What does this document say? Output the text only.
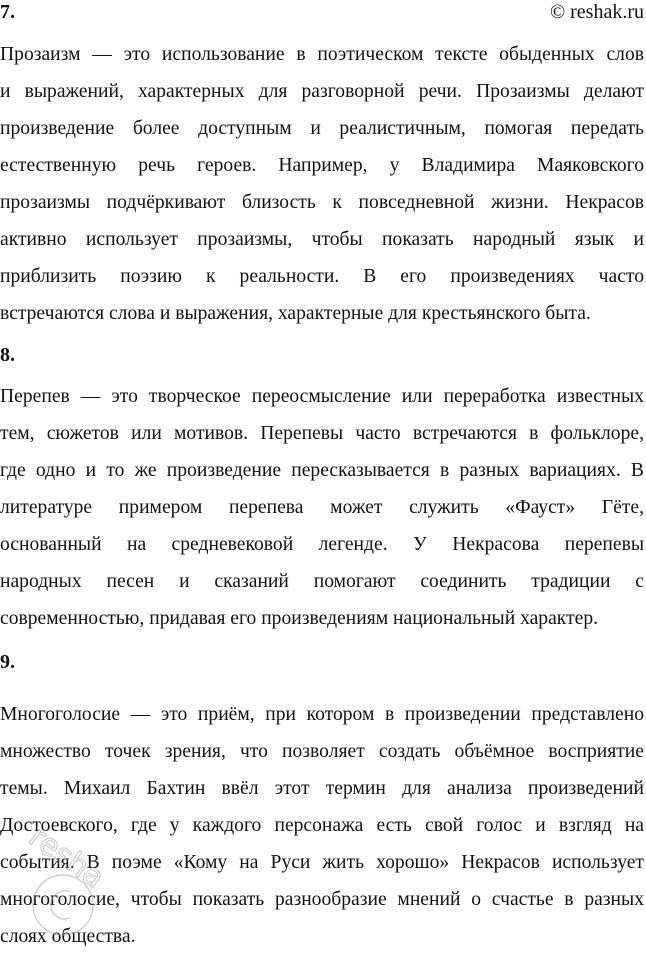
7.	© reshak.ru
Прозаизм — это использование в поэтическом тексте обыденных слов
и выражений, характерных для разговорной речи. Прозаизмы делают
произведение более доступным и реалистичным, помогая передать
естественную речь героев. Например, у Владимира Маяковского
прозаизмы подчёркивают близость к повседневной жизни. Некрасов
активно использует прозаизмы, чтобы показать народный язык и
приблизить поэзию к реальности. В его произведениях часто
встречаются слова и выражения, характерные для крестьянского быта.
8.
Перепев — это творческое переосмысление или переработка известных
тем, сюжетов или мотивов. Перепевы часто встречаются в фольклоре,
где одно и то же произведение пересказывается в разных вариациях. В
литературе примером перепева может служить «Фауст» Гёте,
основанный на средневековой легенде. У Некрасова перепевы
народных песен и сказаний помогают соединить традиции с
современностью, придавая его произведениям национальный характер.
9.
Многоголосие — это приём, при котором в произведении представлено
множество точек зрения, что позволяет создать объёмное восприятие
темы. Михаил Бахтин ввёл этот термин для анализа произведений
Достоевского, где у каждого персонажа есть свой голос и взгляд на
события. В поэме «Кому на Руси жить хорошо» Некрасов использует
многоголосие, чтобы показать разнообразие мнений о счастье в разных
слоях общества.
resha
